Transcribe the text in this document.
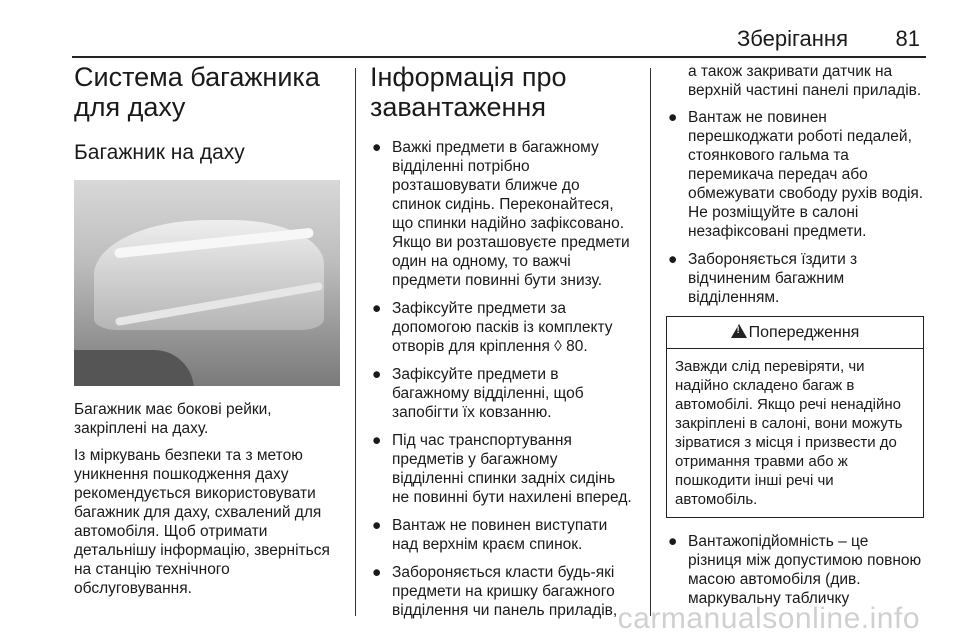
Зберігання 81
Система багажника для даху
Багажник на даху

Багажник має бокові рейки, закріплені на даху.

Із міркувань безпеки та з метою уникнення пошкодження даху рекомендується використовувати багажник для даху, схвалений для автомобіля. Щоб отримати детальнішу інформацію, зверніться на станцію технічного обслуговування.

Інформація про завантаження
● Важкі предмети в багажному відділенні потрібно розташовувати ближче до спинок сидінь. Переконайтеся, що спинки надійно зафіксовано. Якщо ви розташовуєте предмети один на одному, то важчі предмети повинні бути знизу.
● Зафіксуйте предмети за допомогою пасків із комплекту отворів для кріплення ◊ 80.
● Зафіксуйте предмети в багажному відділенні, щоб запобігти їх ковзанню.
● Під час транспортування предметів у багажному відділенні спинки задніх сидінь не повинні бути нахилені вперед.
● Вантаж не повинен виступати над верхнім краєм спинок.
● Забороняється класти будь-які предмети на кришку багажного відділення чи панель приладів,

а також закривати датчик на верхній частині панелі приладів.

● Вантаж не повинен перешкоджати роботі педалей, стоянкового гальма та перемикача передач або обмежувати свободу рухів водія. Не розміщуйте в салоні незафіксовані предмети.
● Забороняється їздити з відчиненим багажним відділенням.
!Попередження
Завжди слід перевіряти, чи надійно складено багаж в автомобілі. Якщо речі ненадійно закріплені в салоні, вони можуть зірватися з місця і призвести до отримання травми або ж пошкодити інші речі чи автомобіль.
● Вантажопідйомність – це різниця між допустимою повною масою автомобіля (див. маркувальну табличку
carmanualsonline.info
